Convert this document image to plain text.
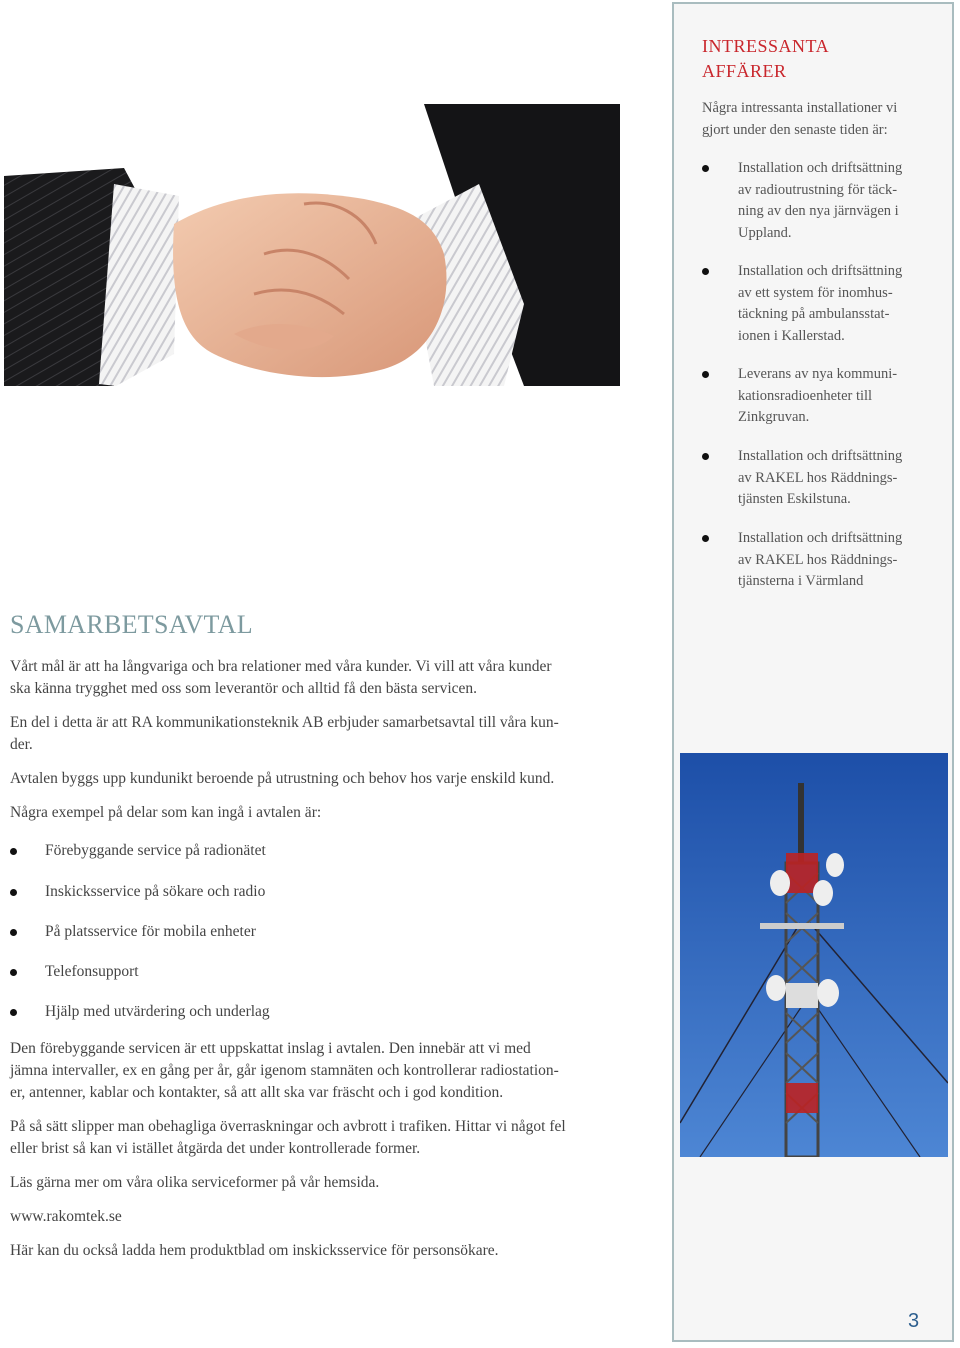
INTRESSANTA
AFFÄRER
Några intressanta installationer vi
gjort under den senaste tiden är:
Installation och driftsättning
av radioutrustning för täck-
ning av den nya järnvägen i
Uppland.
Installation och driftsättning
av ett system för inomhus-
täckning på ambulansstat-
ionen i Kallerstad.
Leverans av nya kommuni-
kationsradioenheter till
Zinkgruvan.
Installation och driftsättning
av RAKEL hos Räddnings-
tjänsten Eskilstuna.
Installation och driftsättning
av RAKEL hos Räddnings-
tjänsterna i Värmland
3
SAMARBETSAVTAL
Vårt mål är att ha långvariga och bra relationer med våra kunder. Vi vill att våra kunder
ska känna trygghet med oss som leverantör och alltid få den bästa servicen.
En del i detta är att RA kommunikationsteknik AB erbjuder samarbetsavtal till våra kun-
der.
Avtalen byggs upp kundunikt beroende på utrustning och behov hos varje enskild kund.
Några exempel på delar som kan ingå i avtalen är:
Förebyggande service på radionätet
Inskicksservice på sökare och radio
På platsservice för mobila enheter
Telefonsupport
Hjälp med utvärdering och underlag
Den förebyggande servicen är ett uppskattat inslag i avtalen. Den innebär att vi med
jämna intervaller, ex en gång per år, går igenom stamnäten och kontrollerar radiostation-
er, antenner, kablar och kontakter, så att allt ska var fräscht och i god kondition.
På så sätt slipper man obehagliga överraskningar och avbrott i trafiken. Hittar vi något fel
eller brist så kan vi istället åtgärda det under kontrollerade former.
Läs gärna mer om våra olika serviceformer på vår hemsida.
www.rakomtek.se
Här kan du också ladda hem produktblad om inskicksservice för personsökare.
